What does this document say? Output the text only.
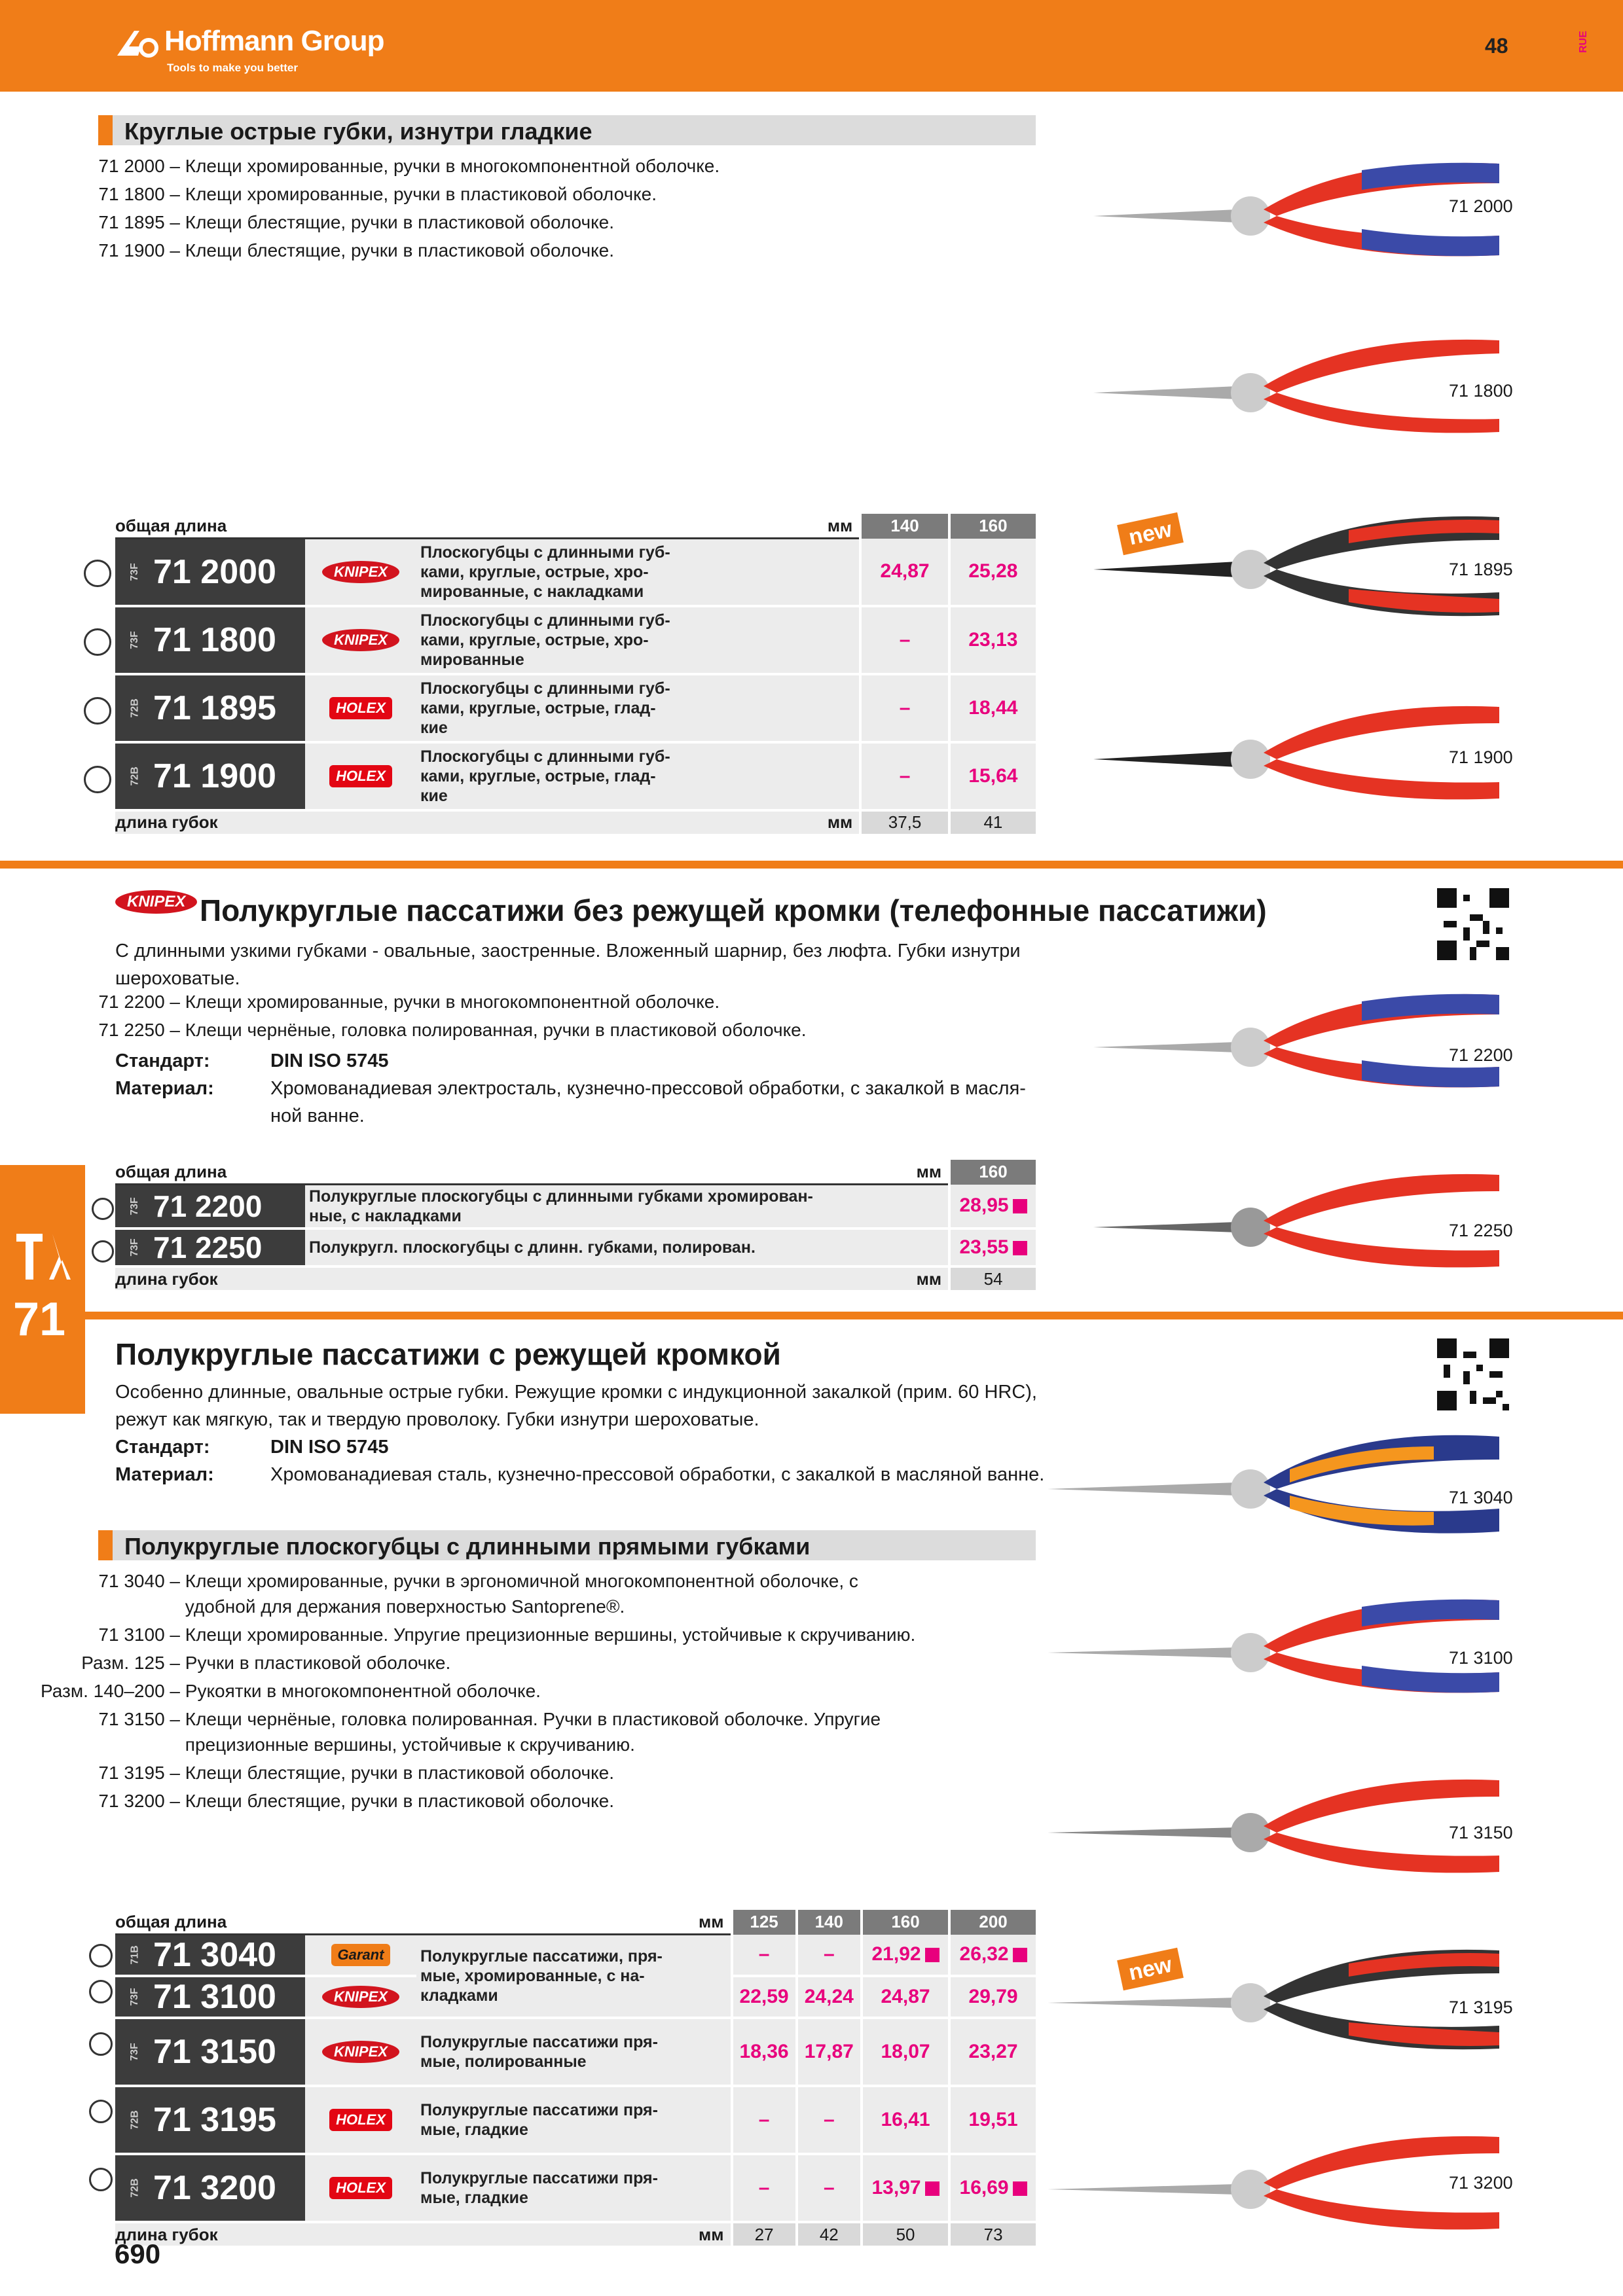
Hoffmann Group
Tools to make you better
48	RUE
Круглые острые губки, изнутри гладкие
71 2000 – Клещи хромированные, ручки в многокомпонентной оболочке.
71 1800 – Клещи хромированные, ручки в пластиковой оболочке.
71 1895 – Клещи блестящие, ручки в пластиковой оболочке.
71 1900 – Клещи блестящие, ручки в пластиковой оболочке.
общая длина мм			140	160

73F 71 2000	KNIPEX	Плоскогубцы с длинными губ-
ками, круглые, острые, хро-
мированные, с накладками	24,87	25,28

73F 71 1800	KNIPEX	Плоскогубцы с длинными губ-
ками, круглые, острые, хро-
мированные	–	23,13

72B 71 1895	HOLEX	Плоскогубцы с длинными губ-
ками, круглые, острые, глад-
кие	–	18,44

72B 71 1900	HOLEX	Плоскогубцы с длинными губ-
ками, круглые, острые, глад-
кие	–	15,64
длина губок мм			37,5	41
71 2000
71 1800
new
71 1895
71 1900
KNIPEX Полукруглые пассатижи без режущей кромки (телефонные пассатижи)
С длинными узкими губками - овальные, заостренные. Вложенный шарнир, без люфта. Губки изнутри
шероховатые.
71 2200 – Клещи хромированные, ручки в многокомпонентной оболочке.
71 2250 – Клещи чернёные, головка полированная, ручки в пластиковой оболочке.
Стандарт:	DIN ISO 5745
Материал:	Хромованадиевая электросталь, кузнечно-прессовой обработки, с закалкой в масля-
ной ванне.
общая длина мм		160

73F 71 2200	Полукруглые плоскогубцы с длинными губками хромирован-
ные, с накладками	28,95

73F 71 2250	Полукругл. плоскогубцы с длинн. губками, полирован.	23,55
длина губок мм		54
71 2200
71 2250
71
Полукруглые пассатижи с режущей кромкой
Особенно длинные, овальные острые губки. Режущие кромки с индукционной закалкой (прим. 60 HRC),
режут как мягкую, так и твердую проволоку. Губки изнутри шероховатые.
Стандарт:	DIN ISO 5745
Материал:	Хромованадиевая сталь, кузнечно-прессовой обработки, с закалкой в масляной ванне.
Полукруглые плоскогубцы с длинными прямыми губками
71 3040 – Клещи хромированные, ручки в эргономичной многокомпонентной оболочке, с
удобной для держания поверхностью Santoprene®.
71 3100 – Клещи хромированные. Упругие прецизионные вершины, устойчивые к скручиванию.
Разм. 125 – Ручки в пластиковой оболочке.
Разм. 140–200 – Рукоятки в многокомпонентной оболочке.
71 3150 – Клещи чернёные, головка полированная. Ручки в пластиковой оболочке. Упругие
прецизионные вершины, устойчивые к скручиванию.
71 3195 – Клещи блестящие, ручки в пластиковой оболочке.
71 3200 – Клещи блестящие, ручки в пластиковой оболочке.
общая длина мм			125	140	160	200

71B 71 3040	Garant	Полукруглые пассатижи, пря-
мые, хромированные, с на-
кладками	–	–	21,92	26,32

73F 71 3100	KNIPEX		22,59	24,24	24,87	29,79

73F 71 3150	KNIPEX	Полукруглые пассатижи пря-
мые, полированные	18,36	17,87	18,07	23,27

72B 71 3195	HOLEX	Полукруглые пассатижи пря-
мые, гладкие	–	–	16,41	19,51

72B 71 3200	HOLEX	Полукруглые пассатижи пря-
мые, гладкие	–	–	13,97	16,69
длина губок мм			27	42	50	73
71 3040
71 3100
71 3150
new
71 3195
71 3200
690
